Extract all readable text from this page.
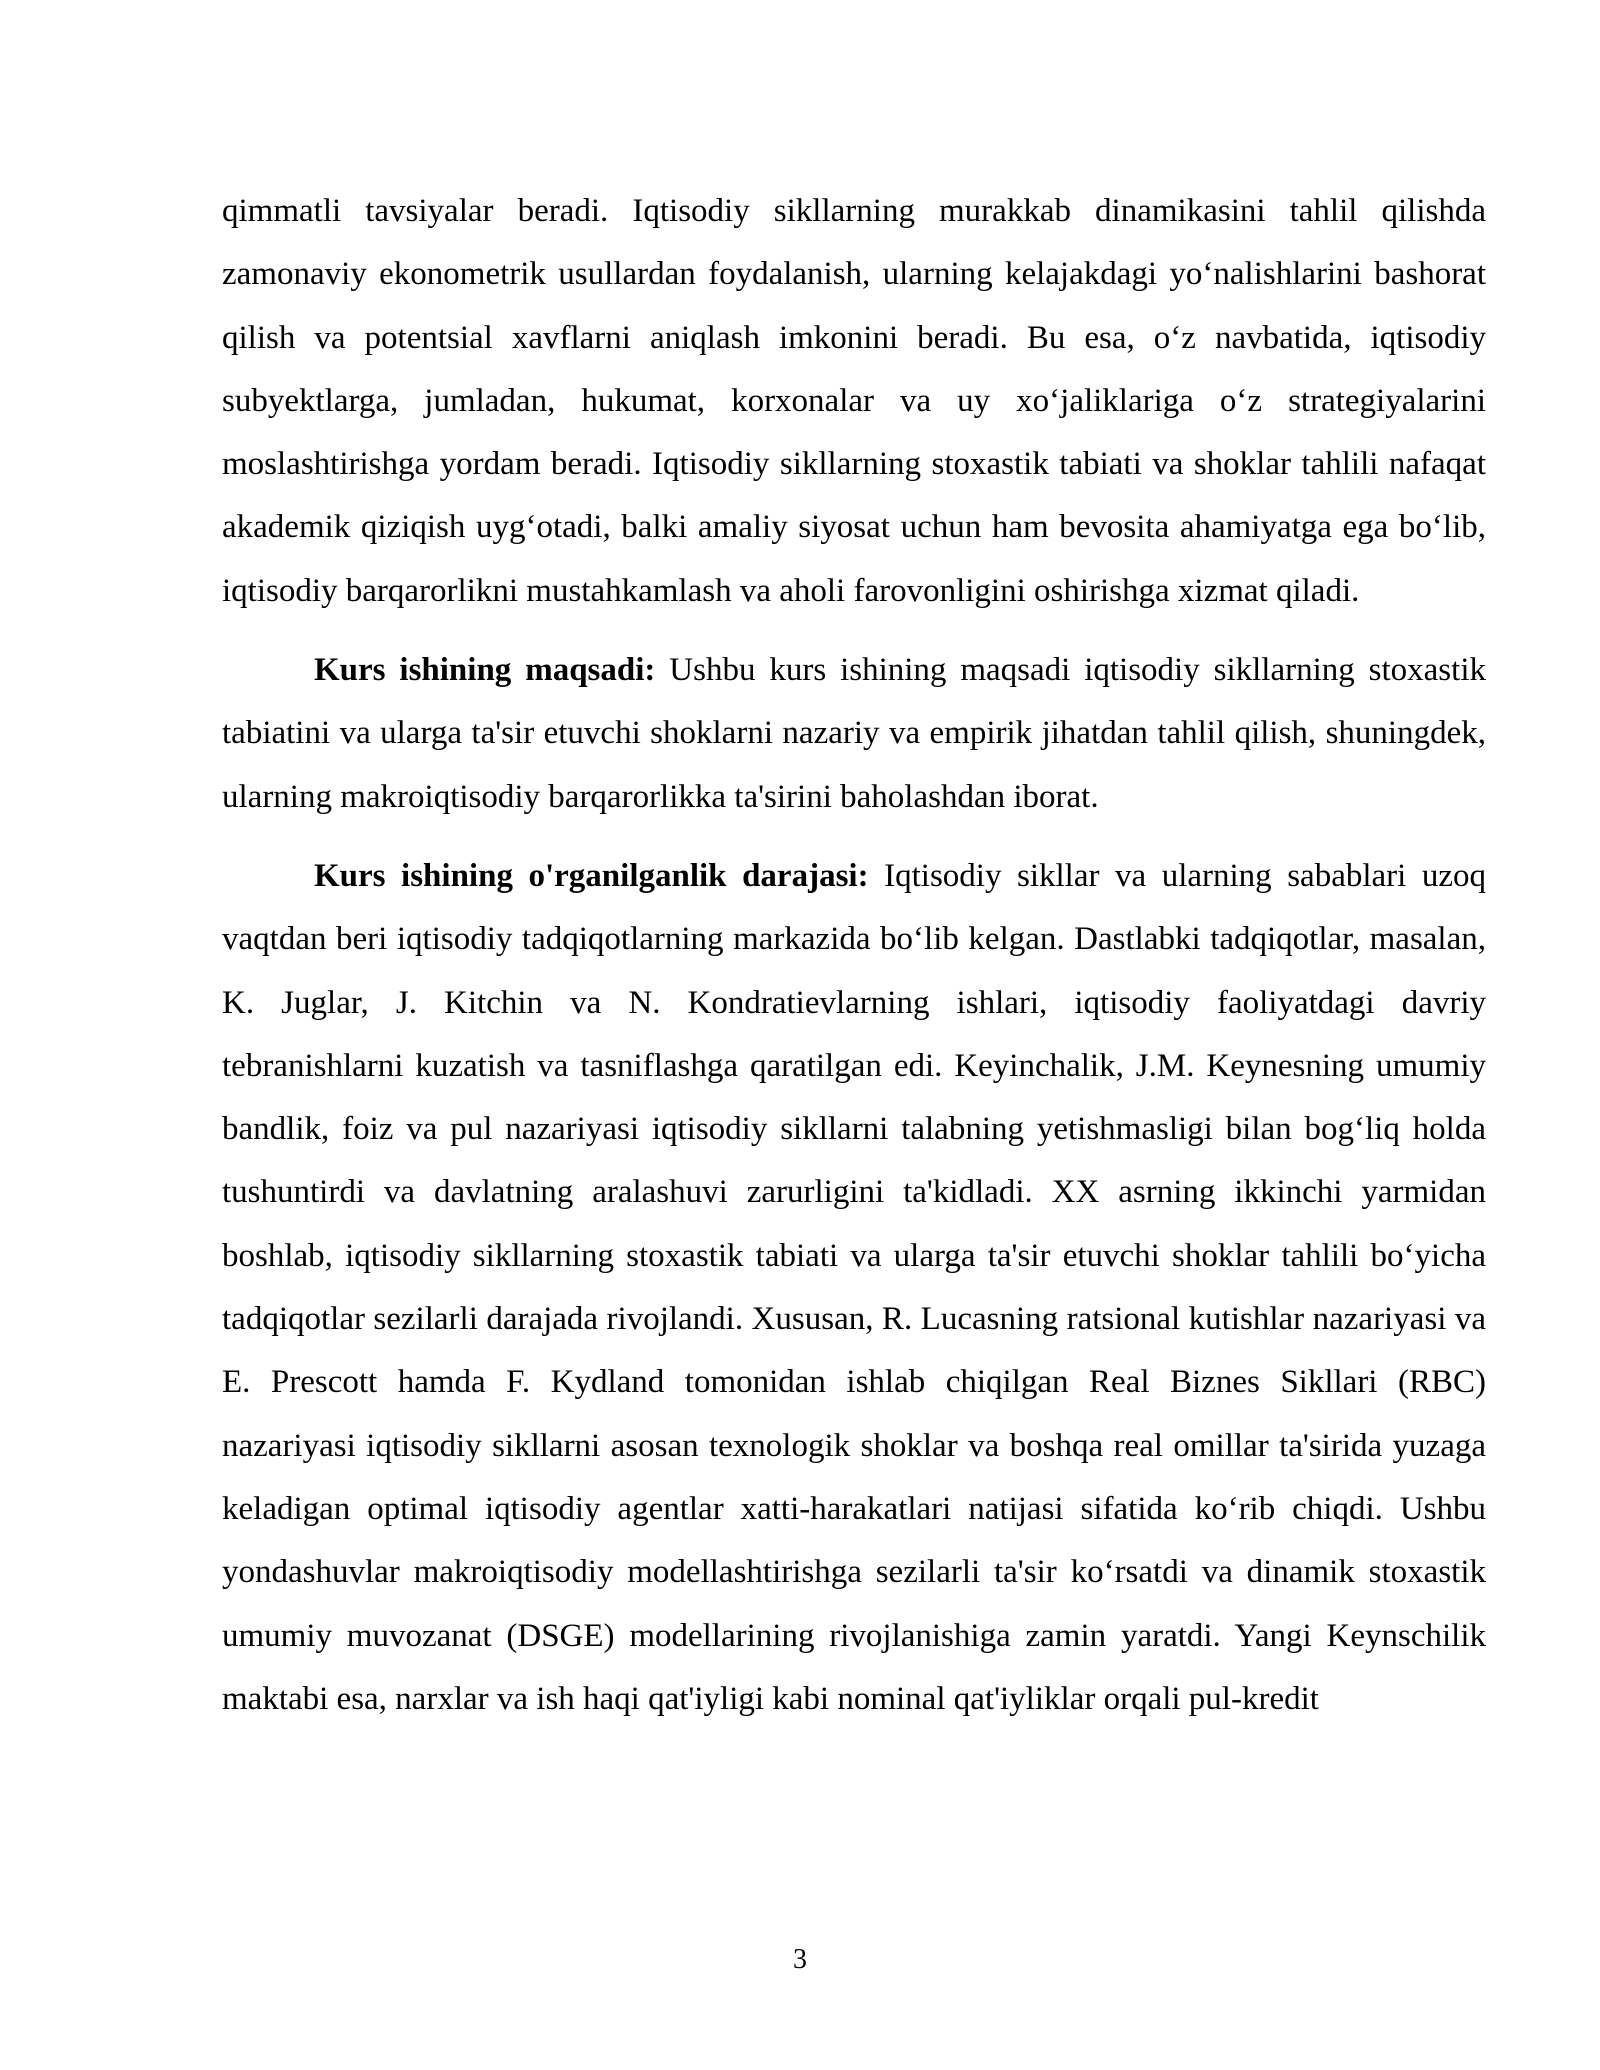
qimmatli tavsiyalar beradi. Iqtisodiy sikllarning murakkab dinamikasini tahlil qilishda zamonaviy ekonometrik usullardan foydalanish, ularning kelajakdagi yo‘nalishlarini bashorat qilish va potentsial xavflarni aniqlash imkonini beradi. Bu esa, o‘z navbatida, iqtisodiy subyektlarga, jumladan, hukumat, korxonalar va uy xo‘jaliklariga o‘z strategiyalarini moslashtirishga yordam beradi. Iqtisodiy sikllarning stoxastik tabiati va shoklar tahlili nafaqat akademik qiziqish uyg‘otadi, balki amaliy siyosat uchun ham bevosita ahamiyatga ega bo‘lib, iqtisodiy barqarorlikni mustahkamlash va aholi farovonligini oshirishga xizmat qiladi.

Kurs ishining maqsadi: Ushbu kurs ishining maqsadi iqtisodiy sikllarning stoxastik tabiatini va ularga ta'sir etuvchi shoklarni nazariy va empirik jihatdan tahlil qilish, shuningdek, ularning makroiqtisodiy barqarorlikka ta'sirini baholashdan iborat.

Kurs ishining o'rganilganlik darajasi: Iqtisodiy sikllar va ularning sabablari uzoq vaqtdan beri iqtisodiy tadqiqotlarning markazida bo‘lib kelgan. Dastlabki tadqiqotlar, masalan, K. Juglar, J. Kitchin va N. Kondratievlarning ishlari, iqtisodiy faoliyatdagi davriy tebranishlarni kuzatish va tasniflashga qaratilgan edi. Keyinchalik, J.M. Keynesning umumiy bandlik, foiz va pul nazariyasi iqtisodiy sikllarni talabning yetishmasligi bilan bog‘liq holda tushuntirdi va davlatning aralashuvi zarurligini ta'kidladi. XX asrning ikkinchi yarmidan boshlab, iqtisodiy sikllarning stoxastik tabiati va ularga ta'sir etuvchi shoklar tahlili bo‘yicha tadqiqotlar sezilarli darajada rivojlandi. Xususan, R. Lucasning ratsional kutishlar nazariyasi va E. Prescott hamda F. Kydland tomonidan ishlab chiqilgan Real Biznes Sikllari (RBC) nazariyasi iqtisodiy sikllarni asosan texnologik shoklar va boshqa real omillar ta'sirida yuzaga keladigan optimal iqtisodiy agentlar xatti-harakatlari natijasi sifatida ko‘rib chiqdi. Ushbu yondashuvlar makroiqtisodiy modellashtirishga sezilarli ta'sir ko‘rsatdi va dinamik stoxastik umumiy muvozanat (DSGE) modellarining rivojlanishiga zamin yaratdi. Yangi Keynschilik maktabi esa, narxlar va ish haqi qat'iyligi kabi nominal qat'iyliklar orqali pul-kredit

3
